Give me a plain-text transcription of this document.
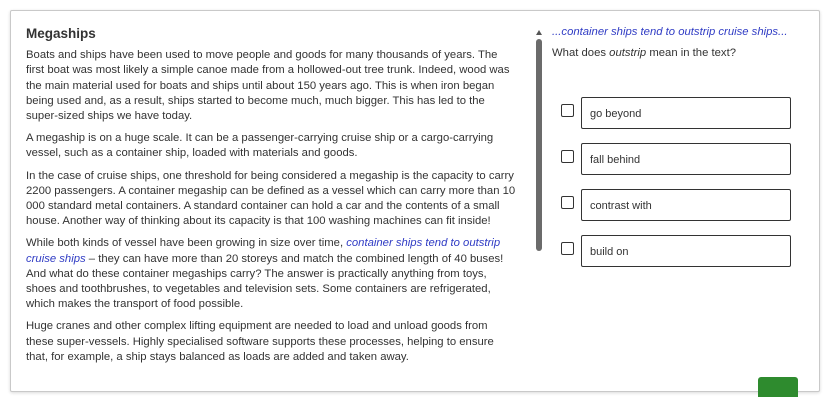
Megaships

Boats and ships have been used to move people and goods for many thousands of years. The first boat was most likely a simple canoe made from a hollowed-out tree trunk. Indeed, wood was the main material used for boats and ships until about 150 years ago. This is when iron began being used and, as a result, ships started to become much, much bigger. This has led to the super-sized ships we have today.

A megaship is on a huge scale. It can be a passenger-carrying cruise ship or a cargo-carrying vessel, such as a container ship, loaded with materials and goods.

In the case of cruise ships, one threshold for being considered a megaship is the capacity to carry 2200 passengers. A container megaship can be defined as a vessel which can carry more than 10 000 standard metal containers. A standard container can hold a car and the contents of a small house. Another way of thinking about its capacity is that 100 washing machines can fit inside!

While both kinds of vessel have been growing in size over time, container ships tend to outstrip cruise ships – they can have more than 20 storeys and match the combined length of 40 buses! And what do these container megaships carry? The answer is practically anything from toys, shoes and toothbrushes, to vegetables and television sets. Some containers are refrigerated, which makes the transport of food possible.

Huge cranes and other complex lifting equipment are needed to load and unload goods from these super-vessels. Highly specialised software supports these processes, helping to ensure that, for example, a ship stays balanced as loads are added and taken away.

...container ships tend to outstrip cruise ships...
What does outstrip mean in the text?
go beyond
fall behind
contrast with
build on
